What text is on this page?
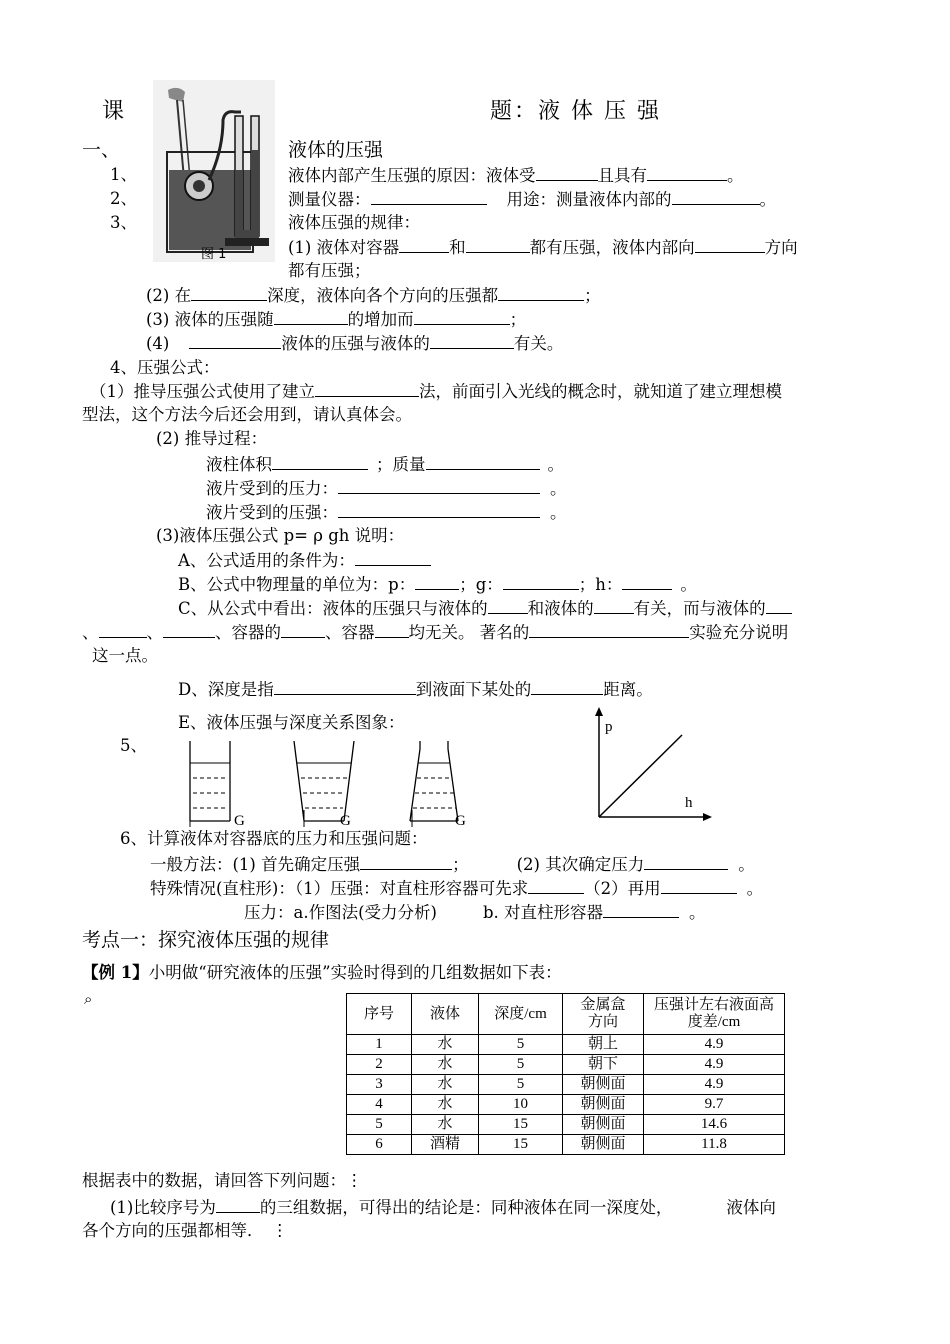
课	题：液 体 压 强
图 1
一、	液体的压强
1、	液体内部产生压强的原因：液体受	且具有	。
2、	测量仪器：	用途：测量液体内部的	。
3、	液体压强的规律：
(1) 液体对容器	和	都有压强，液体内部向	方向
都有压强；
(2) 在	深度，液体向各个方向的压强都	；
(3) 液体的压强随	的增加而	；
(4)	液体的压强与液体的	有关。
4、压强公式：
（1）推导压强公式使用了建立	法，前面引入光线的概念时，就知道了建立理想模
型法，这个方法今后还会用到，请认真体会。
(2) 推导过程：
液柱体积	；质量	。
液片受到的压力：	。
液片受到的压强：	。
(3)液体压强公式 p= ρ gh 说明：
A、公式适用的条件为：
B、公式中物理量的单位为：p：	；g：	；h：	。
C、从公式中看出：液体的压强只与液体的 和液体的 有关，而与液体的
、	、	、容器的	、容器 均无关。 著名的	实验充分说明
这一点。
D、深度是指	到液面下某处的	距离。
E、液体压强与深度关系图象：
5、
G	G	G
p
h
6、计算液体对容器底的压力和压强问题：
一般方法：(1) 首先确定压强	；	(2) 其次确定压力	。
特殊情况(直柱形)：（1）压强：对直柱形容器可先求	（2）再用	。
压力：a.作图法(受力分析)	b. 对直柱形容器	。
考点一：探究液体压强的规律
【例 1】小明做“研究液体的压强”实验时得到的几组数据如下表：
⌕
序号	液体	深度/cm	金属盒方向	压强计左右液面高度差/cm

1	水	5	朝上	4.9
2	水	5	朝下	4.9
3	水	5	朝侧面	4.9
4	水	10	朝侧面	9.7
5	水	15	朝侧面	14.6
6	酒精	15	朝侧面	11.8
根据表中的数据，请回答下列问题：⋮
(1)比较序号为	的三组数据，可得出的结论是：同种液体在同一深度处，	液体向
各个方向的压强都相等． ⋮
